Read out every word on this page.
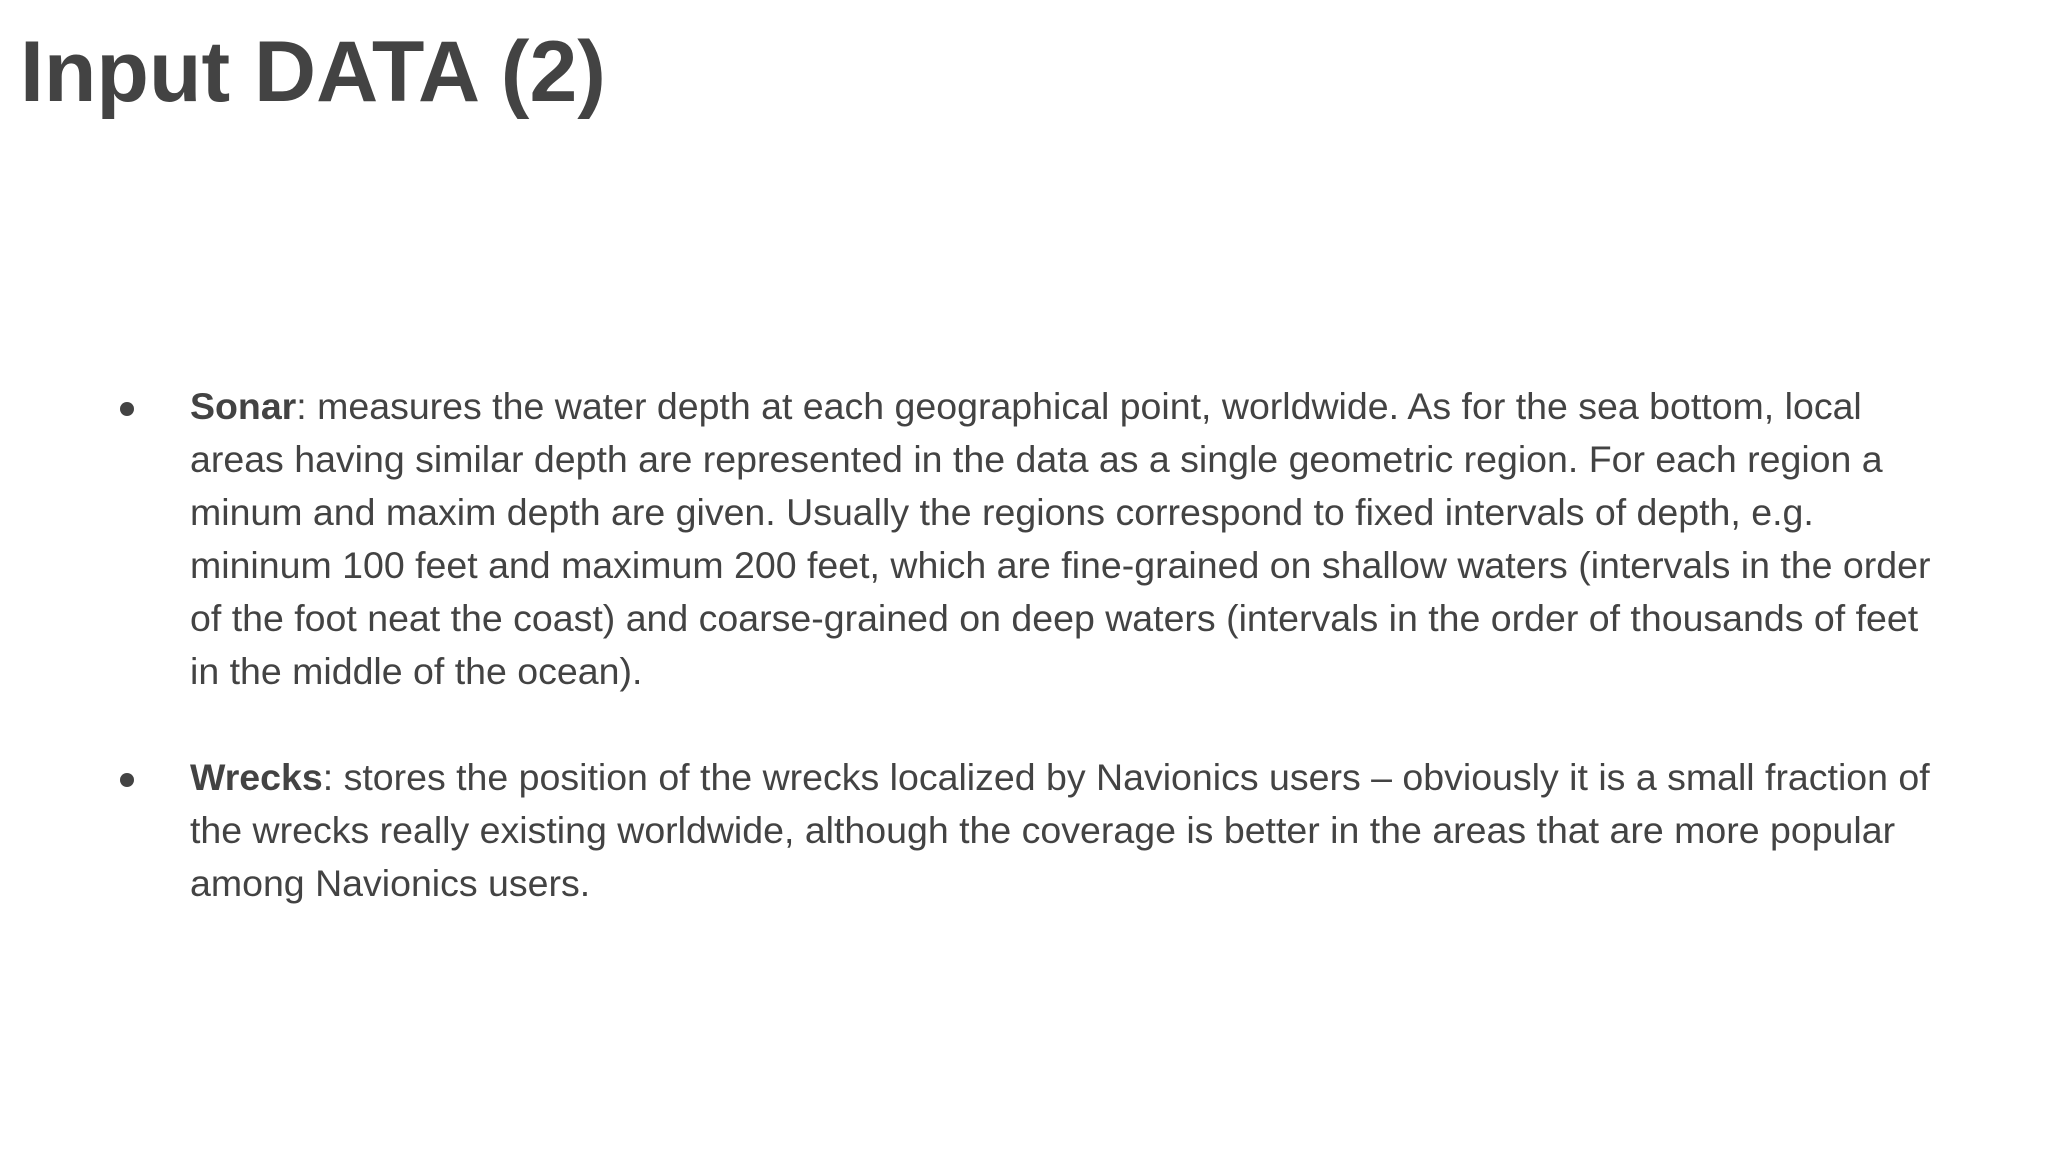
Input DATA (2)
Sonar: measures the water depth at each geographical point, worldwide. As for the sea bottom, local areas having similar depth are represented in the data as a single geometric region. For each region a minum and maxim depth are given. Usually the regions correspond to fixed intervals of depth, e.g. mininum 100 feet and maximum 200 feet, which are fine-grained on shallow waters (intervals in the order of the foot neat the coast) and coarse-grained on deep waters (intervals in the order of thousands of feet in the middle of the ocean).
Wrecks: stores the position of the wrecks localized by Navionics users – obviously it is a small fraction of the wrecks really existing worldwide, although the coverage is better in the areas that are more popular among Navionics users.
